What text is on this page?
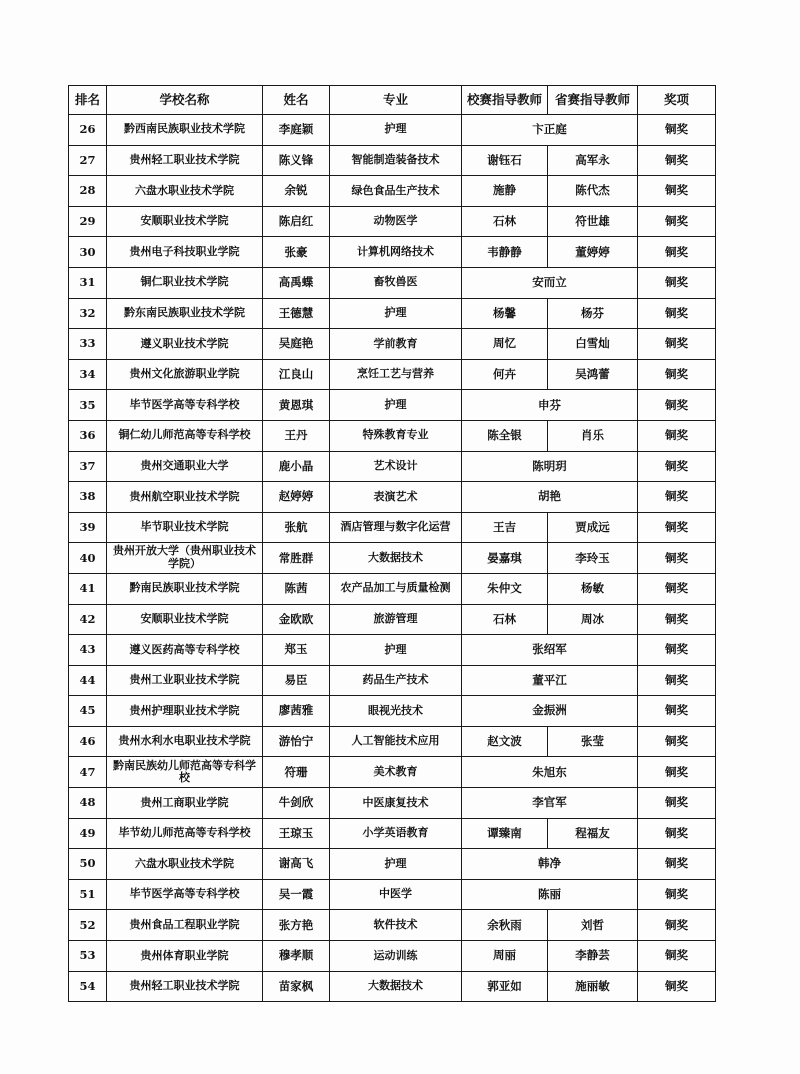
排名	学校名称	姓名	专业	校赛指导教师	省赛指导教师	奖项
26	黔西南民族职业技术学院	李庭颖	护理	卞正庭		铜奖
27	贵州轻工职业技术学院	陈义锋	智能制造装备技术	谢钰石	高军永	铜奖
28	六盘水职业技术学院	余锐	绿色食品生产技术	施静	陈代杰	铜奖
29	安顺职业技术学院	陈启红	动物医学	石林	符世雄	铜奖
30	贵州电子科技职业学院	张豪	计算机网络技术	韦静静	董婷婷	铜奖
31	铜仁职业技术学院	高禹蝶	畜牧兽医	安而立		铜奖
32	黔东南民族职业技术学院	王德慧	护理	杨馨	杨芬	铜奖
33	遵义职业技术学院	吴庭艳	学前教育	周忆	白雪灿	铜奖
34	贵州文化旅游职业学院	江良山	烹饪工艺与营养	何卉	吴鸿蕾	铜奖
35	毕节医学高等专科学校	黄恩琪	护理	申芬		铜奖
36	铜仁幼儿师范高等专科学校	王丹	特殊教育专业	陈全银	肖乐	铜奖
37	贵州交通职业大学	鹿小晶	艺术设计	陈明玥		铜奖
38	贵州航空职业技术学院	赵婷婷	表演艺术	胡艳		铜奖
39	毕节职业技术学院	张航	酒店管理与数字化运营	王吉	贾成远	铜奖
40	贵州开放大学（贵州职业技术学院）	常胜群	大数据技术	晏嘉琪	李玲玉	铜奖
41	黔南民族职业技术学院	陈茜	农产品加工与质量检测	朱仲文	杨敏	铜奖
42	安顺职业技术学院	金欧欧	旅游管理	石林	周冰	铜奖
43	遵义医药高等专科学校	郑玉	护理	张绍军		铜奖
44	贵州工业职业技术学院	易臣	药品生产技术	董平江		铜奖
45	贵州护理职业技术学院	廖茜雅	眼视光技术	金振洲		铜奖
46	贵州水利水电职业技术学院	游怡宁	人工智能技术应用	赵文波	张莹	铜奖
47	黔南民族幼儿师范高等专科学校	符珊	美术教育	朱旭东		铜奖
48	贵州工商职业学院	牛剑欣	中医康复技术	李官军		铜奖
49	毕节幼儿师范高等专科学校	王琼玉	小学英语教育	谭臻南	程福友	铜奖
50	六盘水职业技术学院	谢高飞	护理	韩净		铜奖
51	毕节医学高等专科学校	吴一霞	中医学	陈丽		铜奖
52	贵州食品工程职业学院	张方艳	软件技术	余秋雨	刘哲	铜奖
53	贵州体育职业学院	穆孝顺	运动训练	周丽	李静芸	铜奖
54	贵州轻工职业技术学院	苗家枫	大数据技术	郭亚如	施丽敏	铜奖
